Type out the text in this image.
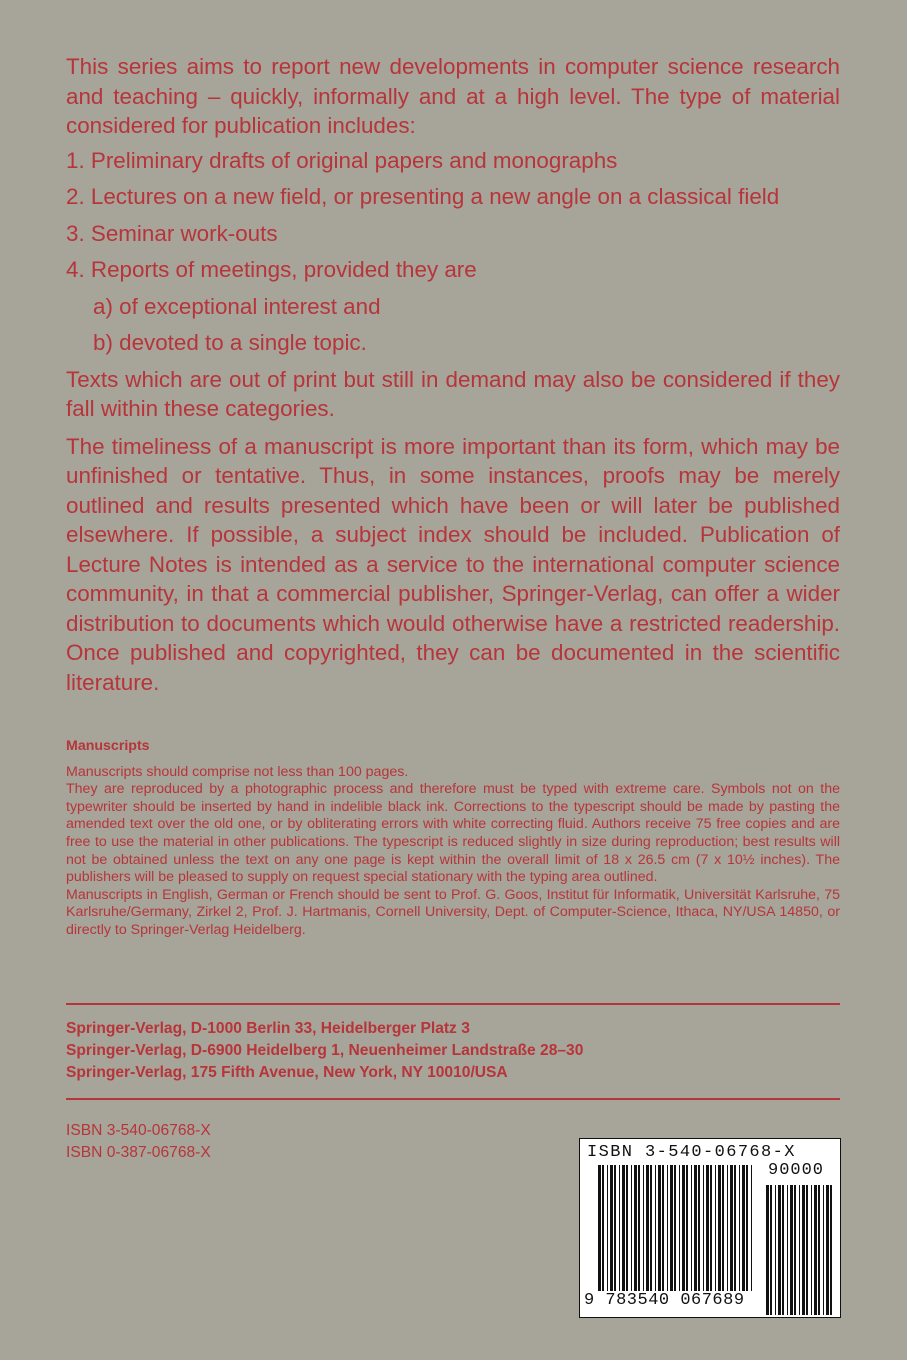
This series aims to report new developments in computer science research and teaching – quickly, informally and at a high level. The type of material considered for publication includes:

1. Preliminary drafts of original papers and monographs

2. Lectures on a new field, or presenting a new angle on a classical field

3. Seminar work-outs

4. Reports of meetings, provided they are

a) of exceptional interest and

b) devoted to a single topic.

Texts which are out of print but still in demand may also be considered if they fall within these categories.

The timeliness of a manuscript is more important than its form, which may be unfinished or tentative. Thus, in some instances, proofs may be merely outlined and results presented which have been or will later be published elsewhere. If possible, a subject index should be included. Publication of Lecture Notes is intended as a service to the international computer science community, in that a commercial publisher, Springer-Verlag, can offer a wider distribution to documents which would otherwise have a restricted readership. Once published and copyrighted, they can be documented in the scientific literature.

Manuscripts

Manuscripts should comprise not less than 100 pages.

They are reproduced by a photographic process and therefore must be typed with extreme care. Symbols not on the typewriter should be inserted by hand in indelible black ink. Corrections to the typescript should be made by pasting the amended text over the old one, or by obliterating errors with white correcting fluid. Authors receive 75 free copies and are free to use the material in other publications. The typescript is reduced slightly in size during reproduction; best results will not be obtained unless the text on any one page is kept within the overall limit of 18 x 26.5 cm (7 x 10½ inches). The publishers will be pleased to supply on request special stationary with the typing area outlined.

Manuscripts in English, German or French should be sent to Prof. G. Goos, Institut für Informatik, Universität Karlsruhe, 75 Karlsruhe/Germany, Zirkel 2, Prof. J. Hartmanis, Cornell University, Dept. of Computer-Science, Ithaca, NY/USA 14850, or directly to Springer-Verlag Heidelberg.

Springer-Verlag, D-1000 Berlin 33, Heidelberger Platz 3
Springer-Verlag, D-6900 Heidelberg 1, Neuenheimer Landstraße 28–30
Springer-Verlag, 175 Fifth Avenue, New York, NY 10010/USA
ISBN 3-540-06768-X
ISBN 0-387-06768-X	ISBN 3-540-06768-X
90000
9 783540 067689
